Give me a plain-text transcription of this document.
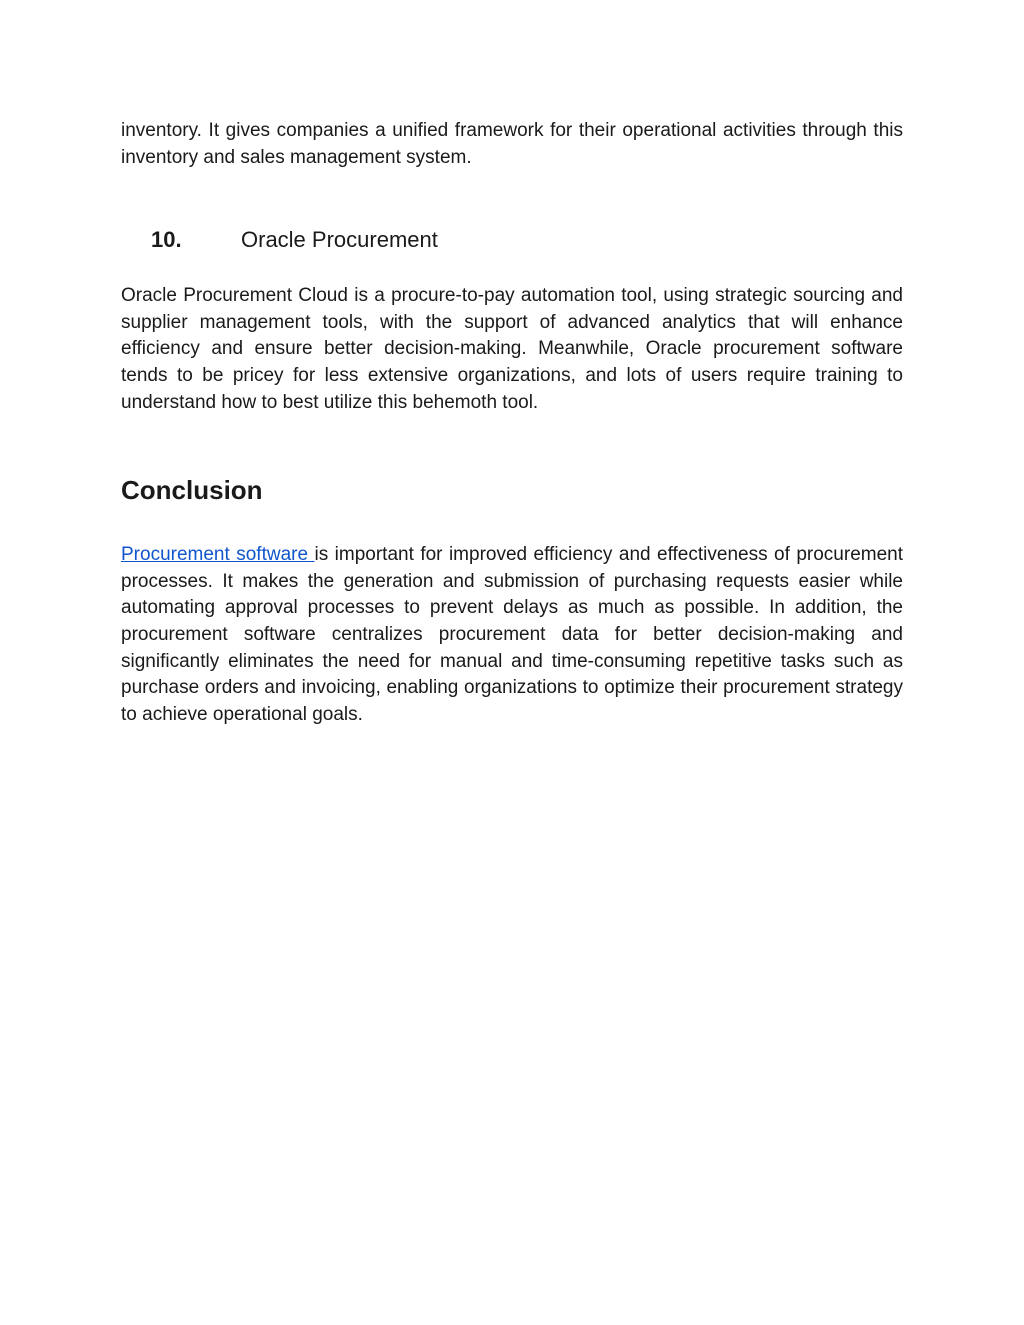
inventory. It gives companies a unified framework for their operational activities through this inventory and sales management system.

10.	Oracle Procurement

Oracle Procurement Cloud is a procure-to-pay automation tool, using strategic sourcing and supplier management tools, with the support of advanced analytics that will enhance efficiency and ensure better decision-making. Meanwhile, Oracle procurement software tends to be pricey for less extensive organizations, and lots of users require training to understand how to best utilize this behemoth tool.

Conclusion

Procurement software is important for improved efficiency and effectiveness of procurement processes. It makes the generation and submission of purchasing requests easier while automating approval processes to prevent delays as much as possible. In addition, the procurement software centralizes procurement data for better decision-making and significantly eliminates the need for manual and time-consuming repetitive tasks such as purchase orders and invoicing, enabling organizations to optimize their procurement strategy to achieve operational goals.
